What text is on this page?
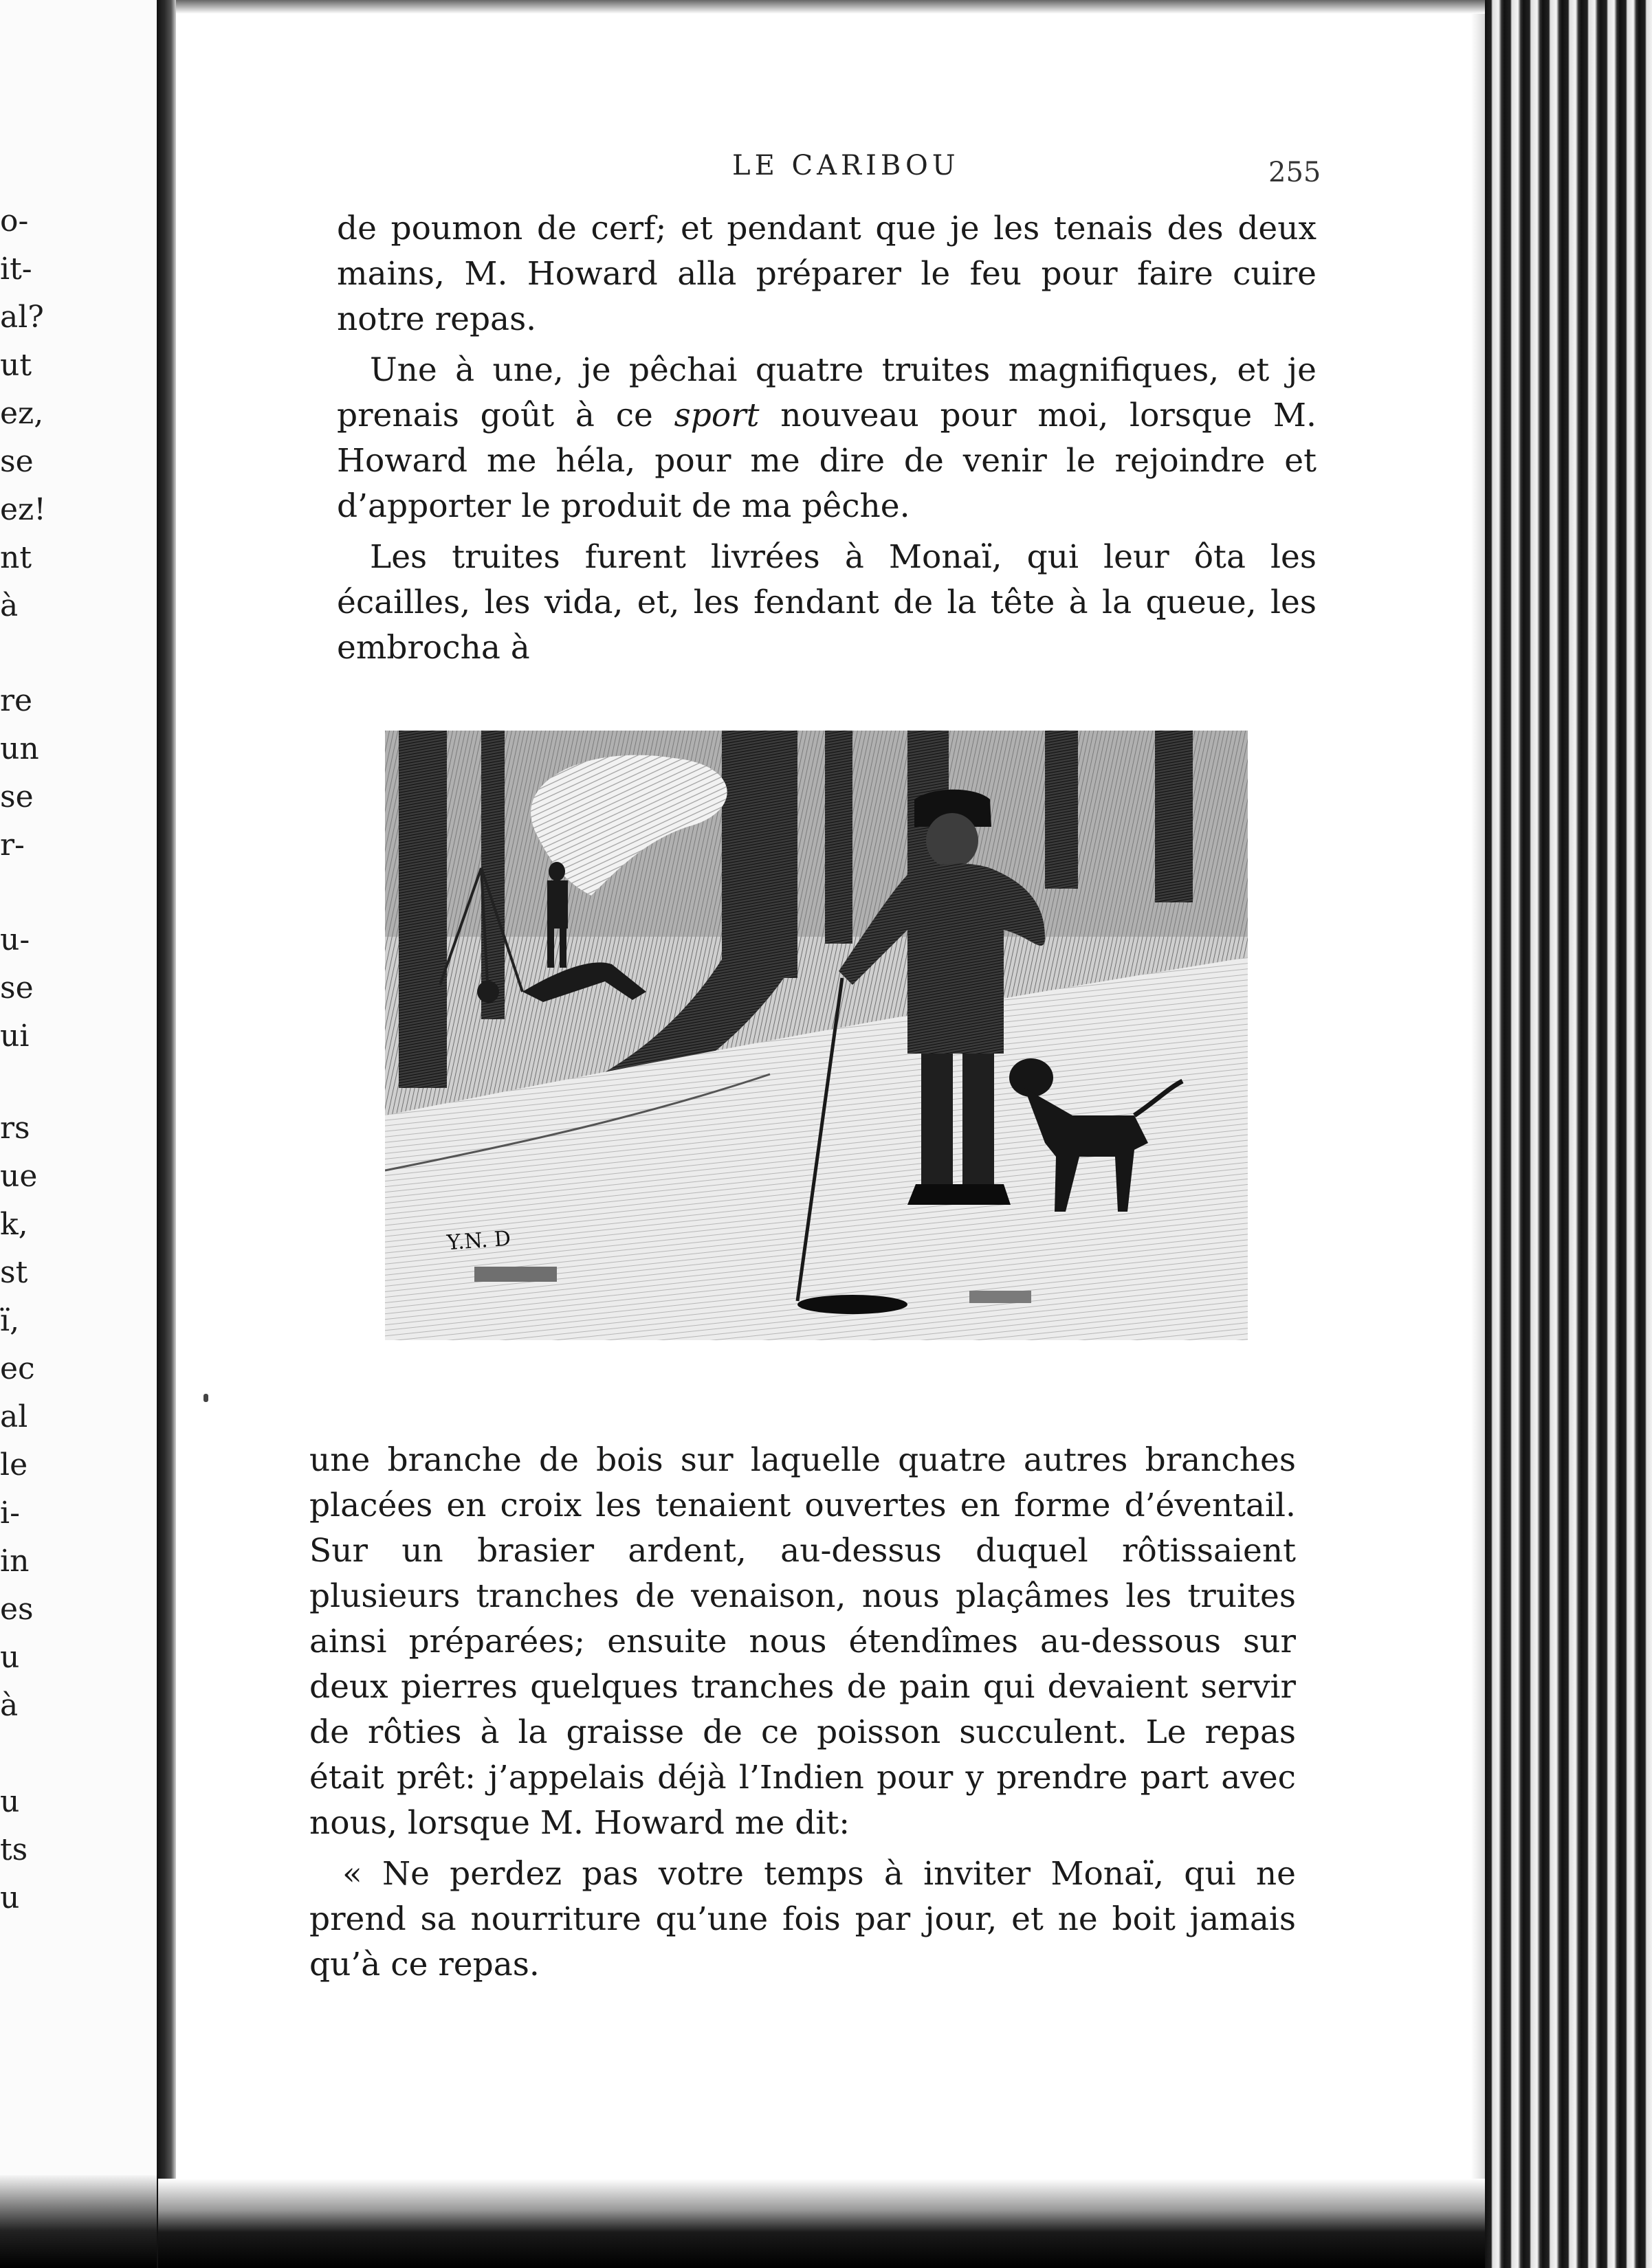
o-
it-
al?
ut
ez,
se
ez!
nt
à
re
un
se
r-
u-
se
ui
rs
ue
k,
st
ï,
ec
al
le
i-
in
es
u
à
u
ts
u
LE CARIBOU	255
de poumon de cerf; et pendant que je les tenais des deux mains, M. Howard alla préparer le feu pour faire cuire notre repas.
Une à une, je pêchai quatre truites magnifiques, et je prenais goût à ce sport nouveau pour moi, lorsque M. Howard me héla, pour me dire de venir le rejoindre et d’apporter le produit de ma pêche.
Les truites furent livrées à Monaï, qui leur ôta les écailles, les vida, et, les fendant de la tête à la queue, les embrocha à
Y.N. D
une branche de bois sur laquelle quatre autres branches placées en croix les tenaient ouvertes en forme d’éventail. Sur un brasier ardent, au-dessus duquel rôtissaient plusieurs tranches de venaison, nous plaçâmes les truites ainsi préparées; ensuite nous étendîmes au-dessous sur deux pierres quelques tranches de pain qui devaient servir de rôties à la graisse de ce poisson succulent. Le repas était prêt: j’appelais déjà l’Indien pour y prendre part avec nous, lorsque M. Howard me dit:
« Ne perdez pas votre temps à inviter Monaï, qui ne prend sa nourriture qu’une fois par jour, et ne boit jamais qu’à ce repas.
